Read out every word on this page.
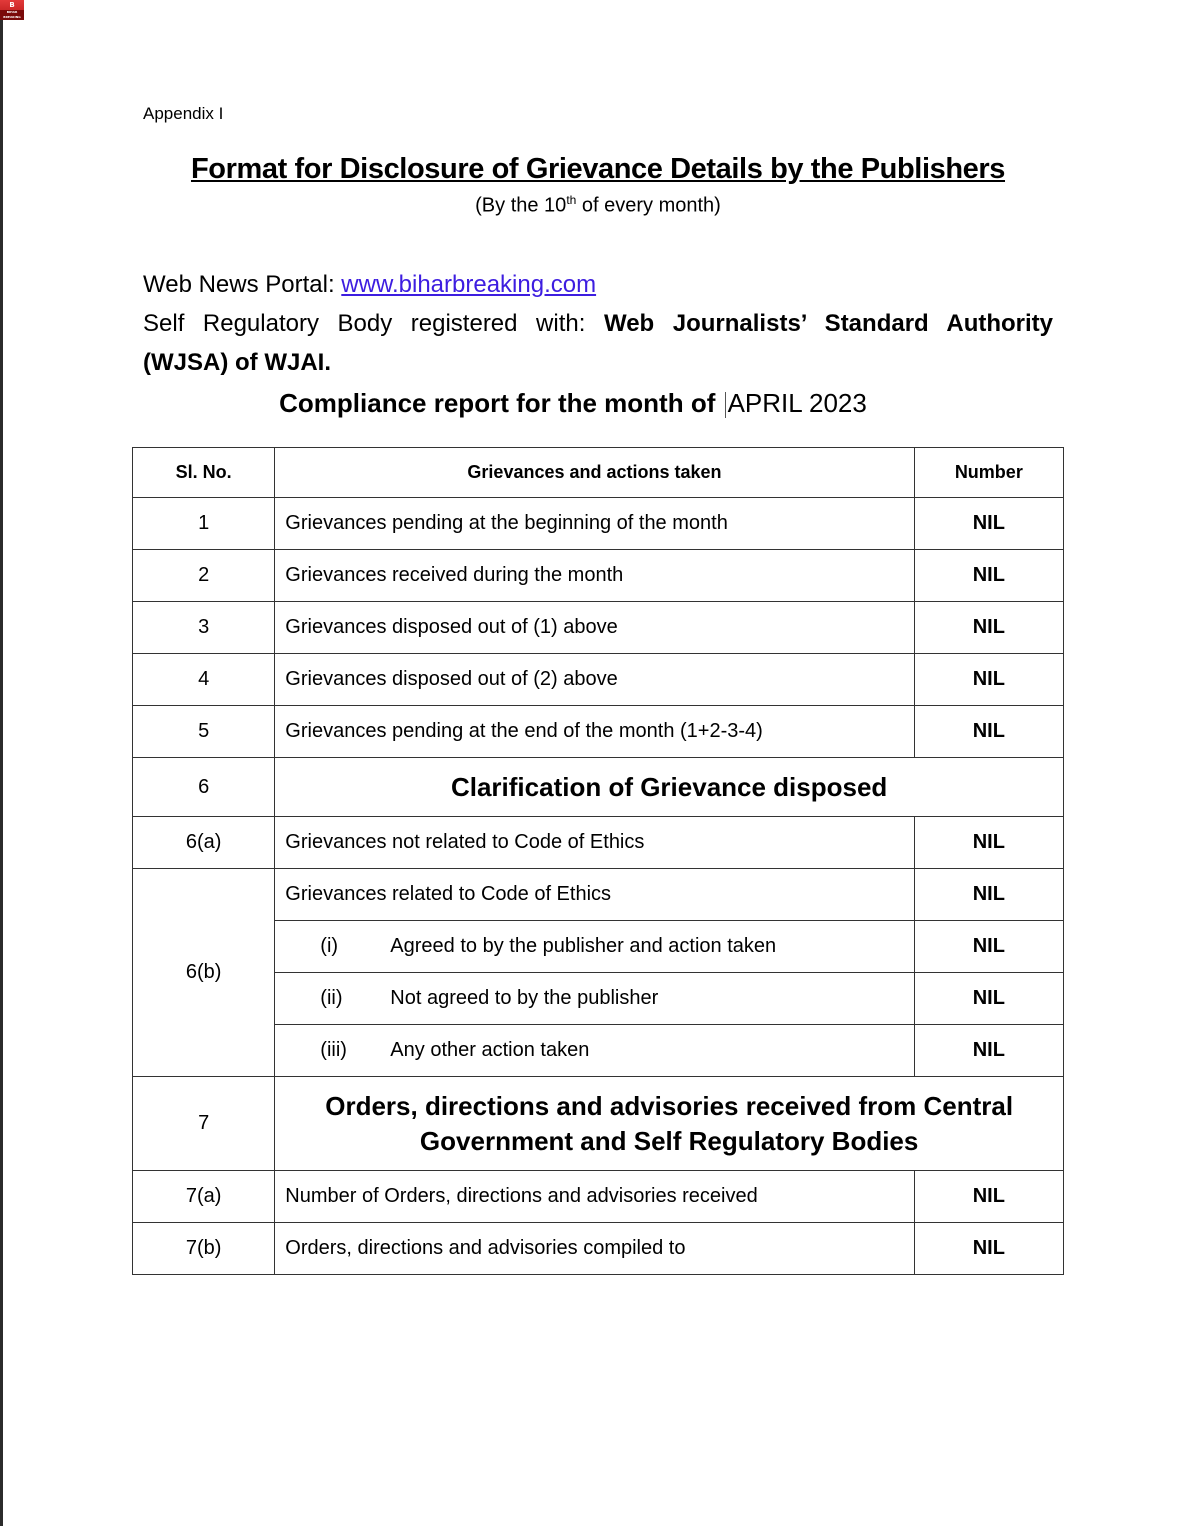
B
BIHAR BREAKING
Appendix I
Format for Disclosure of Grievance Details by the Publishers
(By the 10th of every month)
Web News Portal: www.biharbreaking.com
Self Regulatory Body registered with: Web Journalists’ Standard Authority
(WJSA) of WJAI.
Compliance report for the month of APRIL 2023
Sl. No.	Grievances and actions taken	Number
1	Grievances pending at the beginning of the month	NIL
2	Grievances received during the month	NIL
3	Grievances disposed out of (1) above	NIL
4	Grievances disposed out of (2) above	NIL
5	Grievances pending at the end of the month (1+2-3-4)	NIL
6	Clarification of Grievance disposed	
6(a)	Grievances not related to Code of Ethics	NIL
6(b)	Grievances related to Code of Ethics	NIL
	(i) Agreed to by the publisher and action taken	NIL
	(ii) Not agreed to by the publisher	NIL
	(iii) Any other action taken	NIL
7	Orders, directions and advisories received from Central
Government and Self Regulatory Bodies	
7(a)	Number of Orders, directions and advisories received	NIL
7(b)	Orders, directions and advisories compiled to	NIL
